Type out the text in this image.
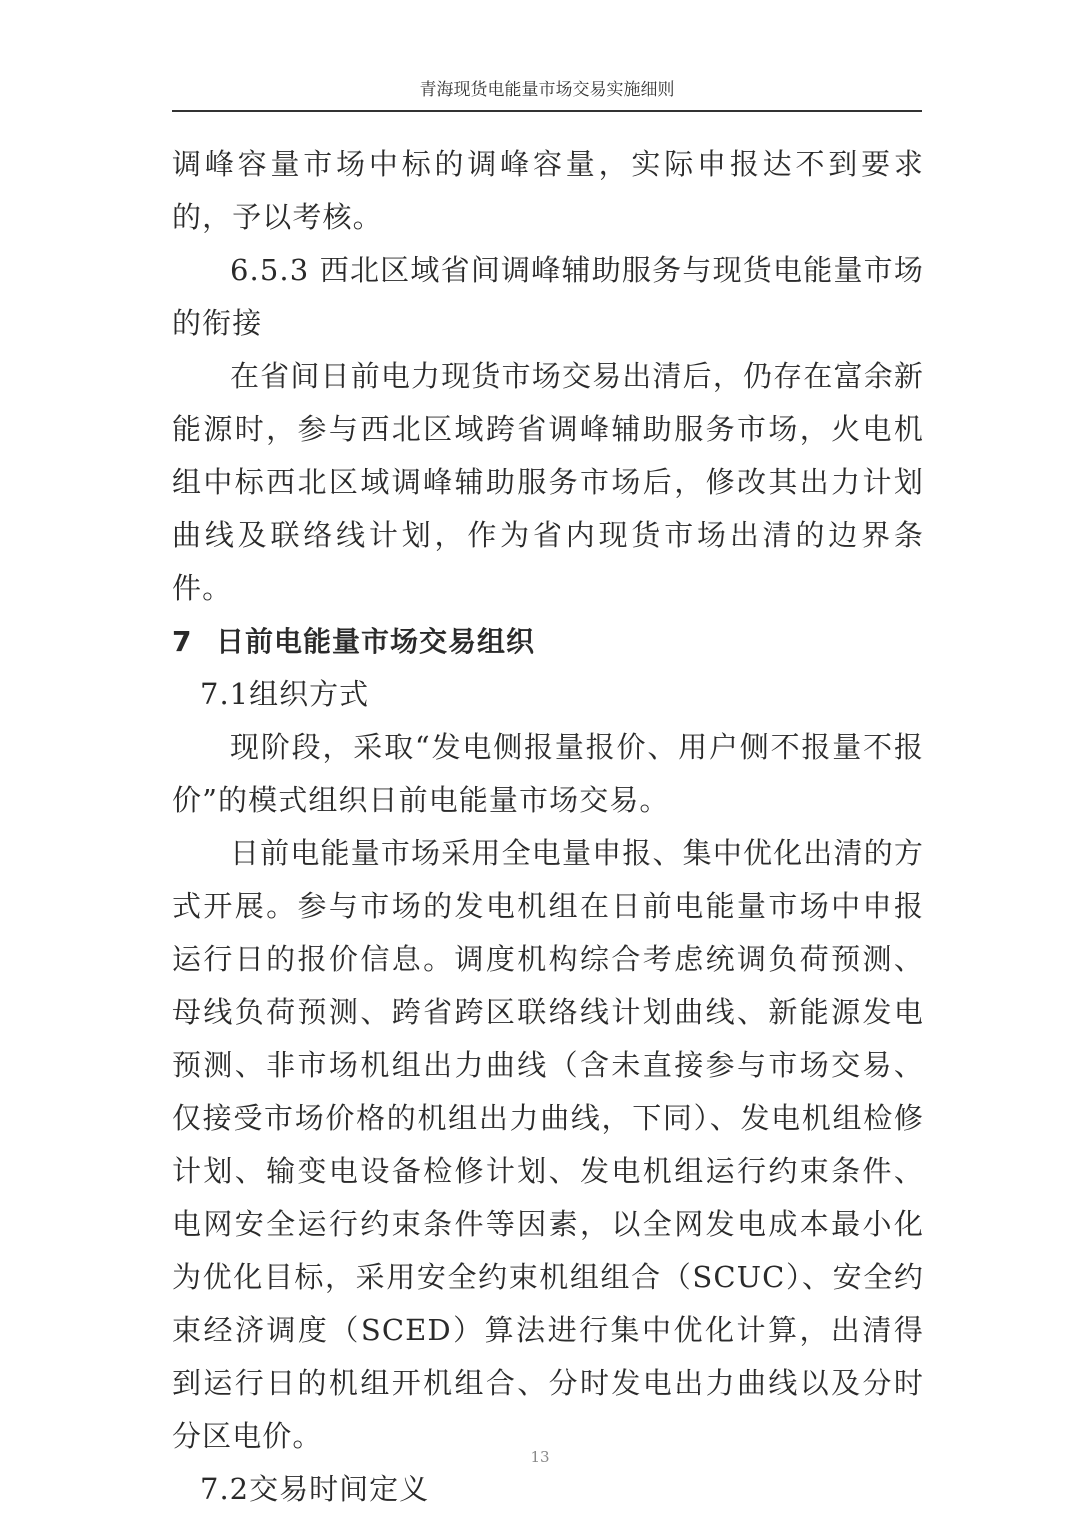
青海现货电能量市场交易实施细则

调峰容量市场中标的调峰容量，实际申报达不到要求的，予以考核。

6.5.3 西北区域省间调峰辅助服务与现货电能量市场的衔接

在省间日前电力现货市场交易出清后，仍存在富余新能源时，参与西北区域跨省调峰辅助服务市场，火电机组中标西北区域调峰辅助服务市场后，修改其出力计划曲线及联络线计划，作为省内现货市场出清的边界条件。

7 日前电能量市场交易组织

7.1组织方式

现阶段，采取“发电侧报量报价、用户侧不报量不报价”的模式组织日前电能量市场交易。

日前电能量市场采用全电量申报、集中优化出清的方式开展。参与市场的发电机组在日前电能量市场中申报运行日的报价信息。调度机构综合考虑统调负荷预测、母线负荷预测、跨省跨区联络线计划曲线、新能源发电预测、非市场机组出力曲线（含未直接参与市场交易、仅接受市场价格的机组出力曲线，下同）、发电机组检修计划、输变电设备检修计划、发电机组运行约束条件、电网安全运行约束条件等因素，以全网发电成本最小化为优化目标，采用安全约束机组组合（SCUC）、安全约束经济调度（SCED）算法进行集中优化计算，出清得到运行日的机组开机组合、分时发电出力曲线以及分时分区电价。

7.2交易时间定义

13
